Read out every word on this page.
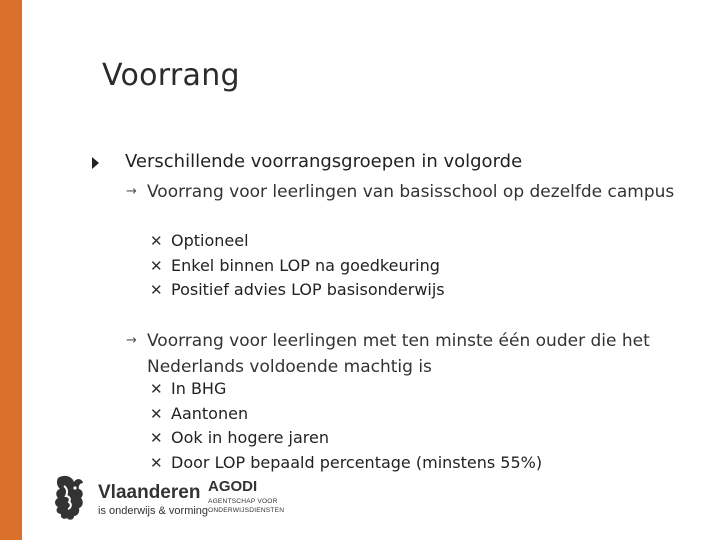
Voorrang
Verschillende voorrangsgroepen in volgorde
→ Voorrang voor leerlingen van basisschool op dezelfde campus
✕ Optioneel
✕ Enkel binnen LOP na goedkeuring
✕ Positief advies LOP basisonderwijs
→ Voorrang voor leerlingen met ten minste één ouder die het Nederlands voldoende machtig is
✕ In BHG
✕ Aantonen
✕ Ook in hogere jaren
✕ Door LOP bepaald percentage (minstens 55%)
Vlaanderen
is onderwijs & vorming
AGODI
AGENTSCHAP VOOR ONDERWIJSDIENSTEN
